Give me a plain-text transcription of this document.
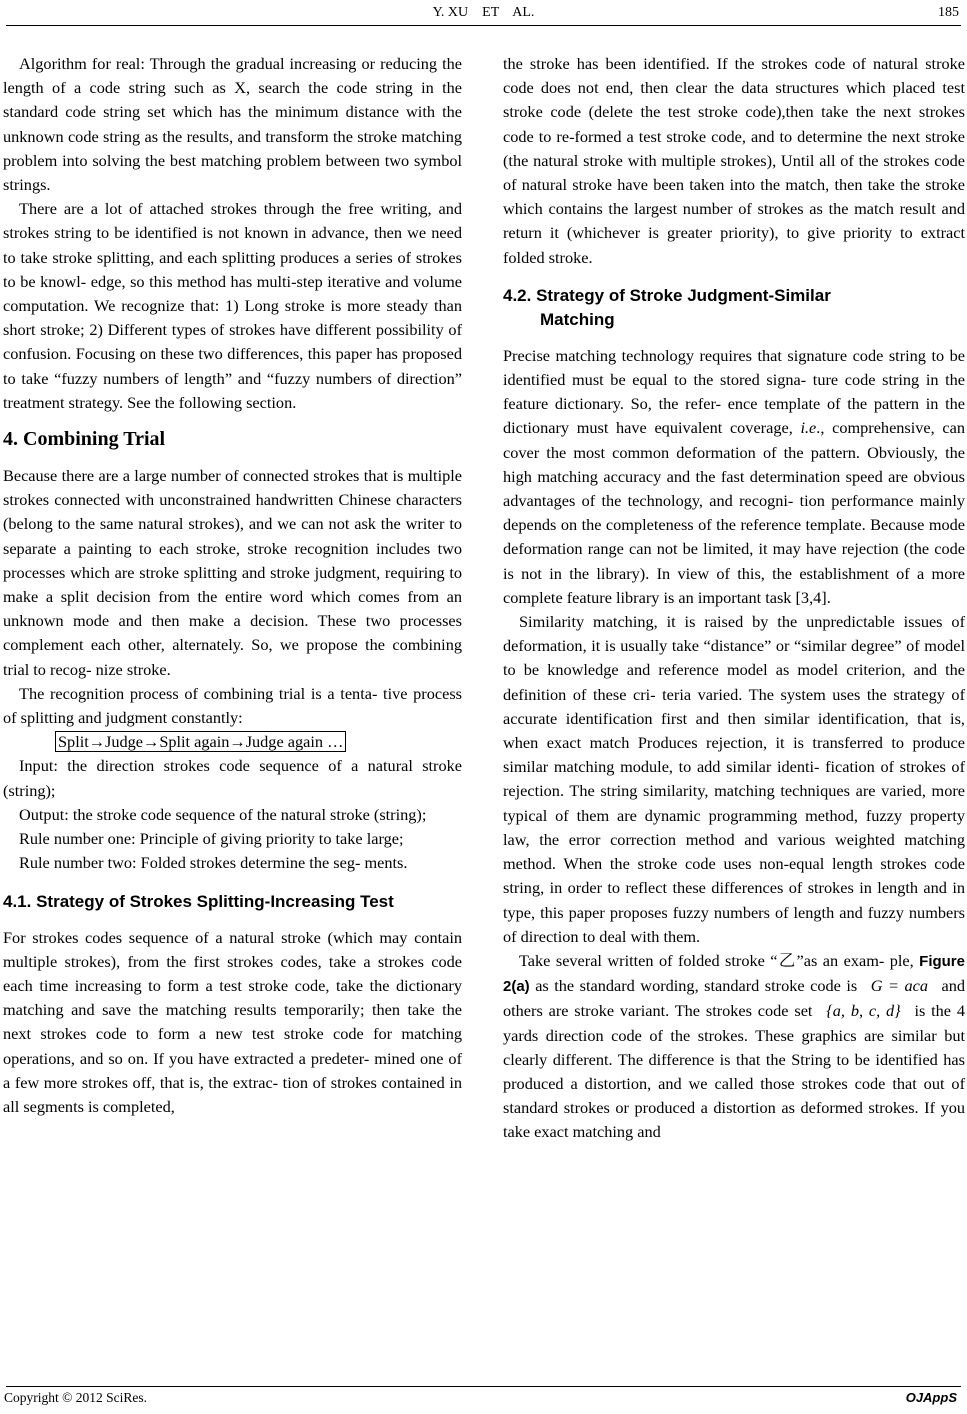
Y. XU    ET    AL.	185

Algorithm for real: Through the gradual increasing or reducing the length of a code string such as X, search the code string in the standard code string set which has the minimum distance with the unknown code string as the results, and transform the stroke matching problem into solving the best matching problem between two symbol strings.

There are a lot of attached strokes through the free writing, and strokes string to be identified is not known in advance, then we need to take stroke splitting, and each splitting produces a series of strokes to be knowl- edge, so this method has multi-step iterative and volume computation. We recognize that: 1) Long stroke is more steady than short stroke; 2) Different types of strokes have different possibility of confusion. Focusing on these two differences, this paper has proposed to take “fuzzy numbers of length” and “fuzzy numbers of direction” treatment strategy. See the following section.

4. Combining Trial

Because there are a large number of connected strokes that is multiple strokes connected with unconstrained handwritten Chinese characters (belong to the same natural strokes), and we can not ask the writer to separate a painting to each stroke, stroke recognition includes two processes which are stroke splitting and stroke judgment, requiring to make a split decision from the entire word which comes from an unknown mode and then make a decision. These two processes complement each other, alternately. So, we propose the combining trial to recog- nize stroke.

The recognition process of combining trial is a tenta- tive process of splitting and judgment constantly:

Split→Judge→Split again→Judge again …

Input: the direction strokes code sequence of a natural stroke (string);

Output: the stroke code sequence of the natural stroke (string);

Rule number one: Principle of giving priority to take large;

Rule number two: Folded strokes determine the seg- ments.

4.1. Strategy of Strokes Splitting-Increasing Test

For strokes codes sequence of a natural stroke (which may contain multiple strokes), from the first strokes codes, take a strokes code each time increasing to form a test stroke code, take the dictionary matching and save the matching results temporarily; then take the next strokes code to form a new test stroke code for matching operations, and so on. If you have extracted a predeter- mined one of a few more strokes off, that is, the extrac- tion of strokes contained in all segments is completed,

the stroke has been identified. If the strokes code of natural stroke code does not end, then clear the data structures which placed test stroke code (delete the test stroke code),then take the next strokes code to re-formed a test stroke code, and to determine the next stroke (the natural stroke with multiple strokes), Until all of the strokes code of natural stroke have been taken into the match, then take the stroke which contains the largest number of strokes as the match result and return it (whichever is greater priority), to give priority to extract folded stroke.

4.2. Strategy of Stroke Judgment-Similar
Matching

Precise matching technology requires that signature code string to be identified must be equal to the stored signa- ture code string in the feature dictionary. So, the refer- ence template of the pattern in the dictionary must have equivalent coverage, i.e., comprehensive, can cover the most common deformation of the pattern. Obviously, the high matching accuracy and the fast determination speed are obvious advantages of the technology, and recogni- tion performance mainly depends on the completeness of the reference template. Because mode deformation range can not be limited, it may have rejection (the code is not in the library). In view of this, the establishment of a more complete feature library is an important task [3,4].

Similarity matching, it is raised by the unpredictable issues of deformation, it is usually take “distance” or “similar degree” of model to be knowledge and reference model as model criterion, and the definition of these cri- teria varied. The system uses the strategy of accurate identification first and then similar identification, that is, when exact match Produces rejection, it is transferred to produce similar matching module, to add similar identi- fication of strokes of rejection. The string similarity, matching techniques are varied, more typical of them are dynamic programming method, fuzzy property law, the error correction method and various weighted matching method. When the stroke code uses non-equal length strokes code string, in order to reflect these differences of strokes in length and in type, this paper proposes fuzzy numbers of length and fuzzy numbers of direction to deal with them.

Take several written of folded stroke “乙”as an exam- ple, Figure 2(a) as the standard wording, standard stroke code is G = aca and others are stroke variant. The strokes code set {a, b, c, d} is the 4 yards direction code of the strokes. These graphics are similar but clearly different. The difference is that the String to be identified has produced a distortion, and we called those strokes code that out of standard strokes or produced a distortion as deformed strokes. If you take exact matching and

Copyright © 2012 SciRes.	OJAppS
